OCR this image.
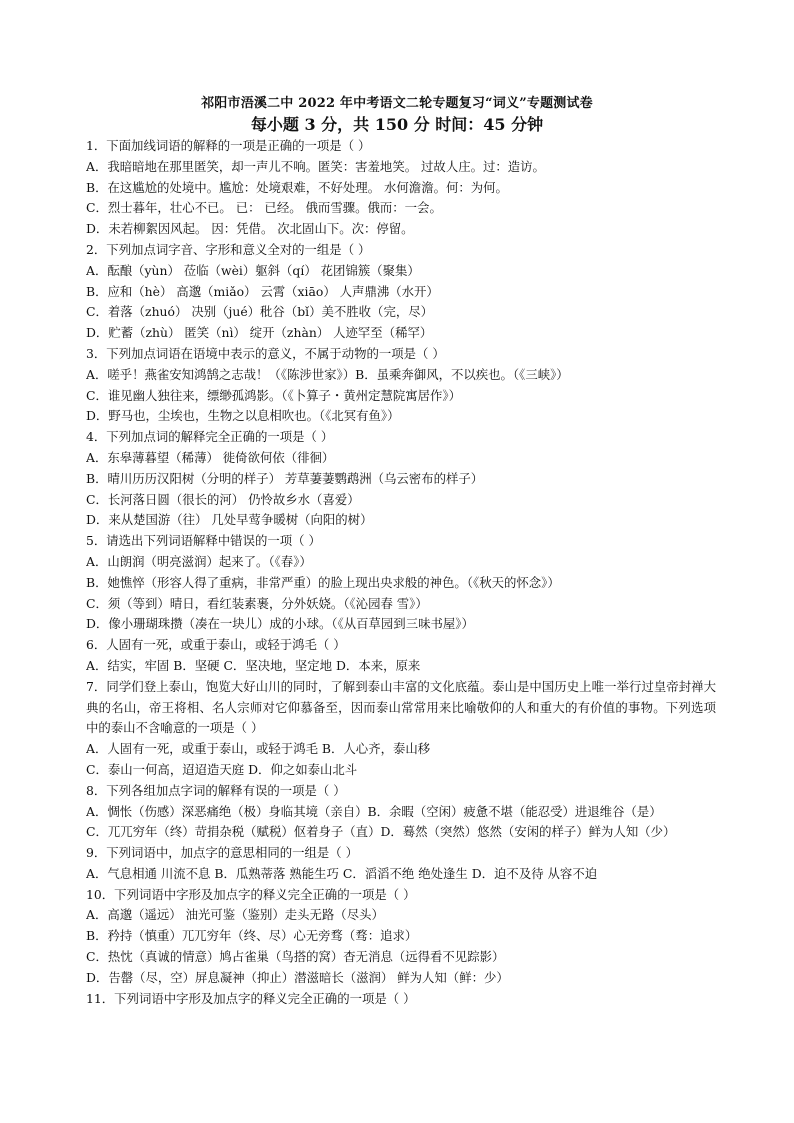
祁阳市浯溪二中 2022 年中考语文二轮专题复习“词义”专题测试卷
每小题 3 分，共 150 分 时间：45 分钟
1．下面加线词语的解释的一项是正确的一项是（ ）
A．我暗暗地在那里匿笑，却一声儿不响。匿笑：害羞地笑。 过故人庄。过：造访。
B．在这尴尬的处境中。尴尬：处境艰难，不好处理。 水何澹澹。何：为何。
C．烈士暮年，壮心不已。 已： 已经。 俄而雪骤。俄而：一会。
D．未若柳絮因风起。 因：凭借。 次北固山下。次：停留。
2．下列加点词字音、字形和意义全对的一组是（ ）
A．酝酿（yùn） 莅临（wèi）躯斜（qí） 花团锦簇（聚集）
B．应和（hè） 高邈（miǎo） 云霄（xiāo） 人声鼎沸（水开）
C．着落（zhuó） 决别（jué）秕谷（bǐ）美不胜收（完，尽）
D．贮蓄（zhù） 匿笑（nì） 绽开（zhàn） 人迹罕至（稀罕）
3．下列加点词语在语境中表示的意义，不属于动物的一项是（ ）
A．嗟乎！燕雀安知鸿鹄之志哉！（《陈涉世家》）B．虽乘奔御风，不以疾也。（《三峡》）
C．谁见幽人独往来，缥缈孤鸿影。（《卜算子・黄州定慧院寓居作》）
D．野马也，尘埃也，生物之以息相吹也。（《北冥有鱼》）
4．下列加点词的解释完全正确的一项是（ ）
A．东皋薄暮望（稀薄） 徙倚欲何依（徘徊）
B．晴川历历汉阳树（分明的样子） 芳草萋萋鹦鹉洲（乌云密布的样子）
C．长河落日圆（很长的河） 仍怜故乡水（喜爱）
D．来从楚国游（往） 几处早莺争暖树（向阳的树）
5．请选出下列词语解释中错误的一项（ ）
A．山朗润（明亮滋润）起来了。（《春》）
B．她憔悴（形容人得了重病，非常严重）的脸上现出央求般的神色。（《秋天的怀念》）
C．须（等到）晴日，看红装素裹，分外妖娆。（《沁园春 雪》）
D．像小珊瑚珠攒（凑在一块儿）成的小球。（《从百草园到三味书屋》）
6．人固有一死，或重于泰山，或轻于鸿毛（ ）
A．结实，牢固 B．坚硬 C．坚决地，坚定地 D．本来，原来
7．同学们登上泰山，饱览大好山川的同时，了解到泰山丰富的文化底蕴。泰山是中国历史上唯一举行过皇帝封禅大典的名山，帝王将相、名人宗师对它仰慕备至，因而泰山常常用来比喻敬仰的人和重大的有价值的事物。下列选项中的泰山不含喻意的一项是（ ）
A．人固有一死，或重于泰山，或轻于鸿毛 B．人心齐，泰山移
C．泰山一何高，迢迢造天庭 D．仰之如泰山北斗
8．下列各组加点字词的解释有误的一项是（ ）
A．惆怅（伤感）深恶痛绝（极）身临其境（亲自）B．余暇（空闲）疲惫不堪（能忍受）进退维谷（是）
C．兀兀穷年（终）苛捐杂税（赋税）伛着身子（直）D．蓦然（突然）悠然（安闲的样子）鲜为人知（少）
9．下列词语中，加点字的意思相同的一组是（ ）
A．气息相通 川流不息 B．瓜熟蒂落 熟能生巧 C．滔滔不绝 绝处逢生 D．迫不及待 从容不迫
10．下列词语中字形及加点字的释义完全正确的一项是（ ）
A．高邈（遥远） 油光可鉴（鉴别）走头无路（尽头）
B．矜持（慎重）兀兀穷年（终、尽）心无旁骛（骛：追求）
C．热忱（真诚的情意）鸠占雀巢（鸟搭的窝）杳无消息（远得看不见踪影）
D．告罄（尽，空）屏息凝神（抑止）潜滋暗长（滋润） 鲜为人知（鲜：少）
11．下列词语中字形及加点字的释义完全正确的一项是（ ）
